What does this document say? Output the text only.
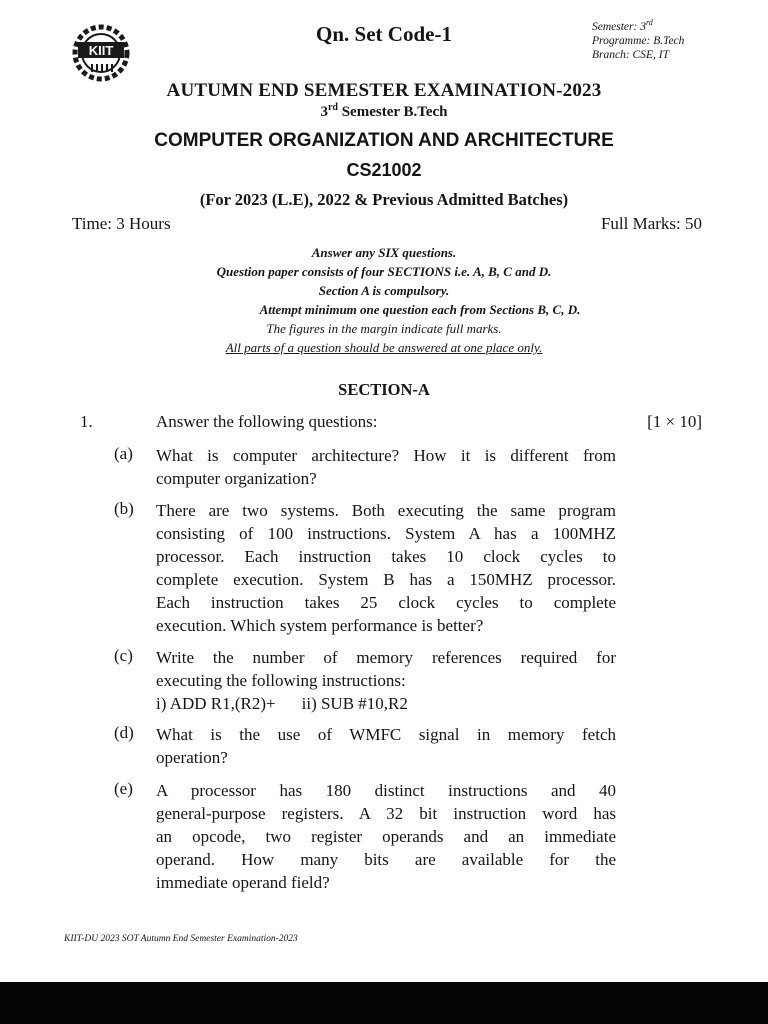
KIIT
Qn. Set Code-1	Semester: 3rd
Programme: B.Tech
Branch: CSE, IT
AUTUMN END SEMESTER EXAMINATION-2023
3rd Semester B.Tech
COMPUTER ORGANIZATION AND ARCHITECTURE
CS21002
(For 2023 (L.E), 2022 & Previous Admitted Batches)
Time: 3 Hours	Full Marks: 50
Answer any SIX questions.
Question paper consists of four SECTIONS i.e. A, B, C and D.
Section A is compulsory.
Attempt minimum one question each from Sections B, C, D.
The figures in the margin indicate full marks.
All parts of a question should be answered at one place only.
SECTION-A
1.	Answer the following questions:	[1 × 10]
(a) What is computer architecture? How it is different from
computer organization?
(b) There are two systems. Both executing the same program
consisting of 100 instructions. System A has a 100MHZ
processor. Each instruction takes 10 clock cycles to
complete execution. System B has a 150MHZ processor.
Each instruction takes 25 clock cycles to complete
execution. Which system performance is better?
(c) Write the number of memory references required for
executing the following instructions:
i) ADD R1,(R2)+ ii) SUB #10,R2
(d) What is the use of WMFC signal in memory fetch
operation?
(e) A processor has 180 distinct instructions and 40
general-purpose registers. A 32 bit instruction word has
an opcode, two register operands and an immediate
operand. How many bits are available for the
immediate operand field?
KIIT-DU 2023 SOT Autumn End Semester Examination-2023
